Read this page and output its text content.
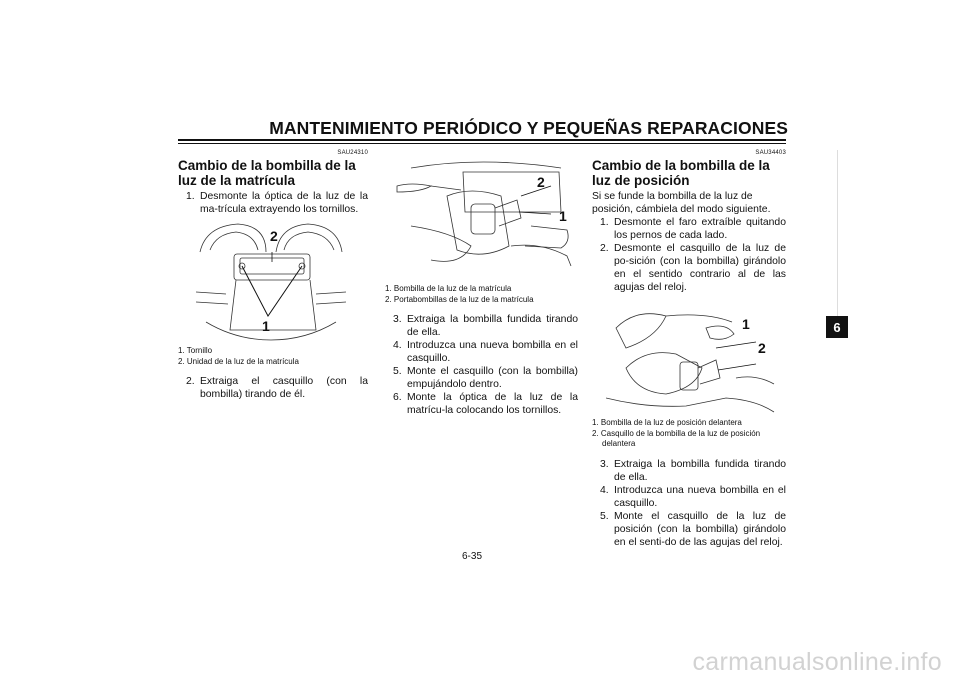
MANTENIMIENTO PERIÓDICO Y PEQUEÑAS REPARACIONES
SAU24310
Cambio de la bombilla de la luz de la matrícula
1. Desmonte la óptica de la luz de la ma-trícula extrayendo los tornillos.
2
1
1. Tornillo
2. Unidad de la luz de la matrícula
2. Extraiga el casquillo (con la bombilla) tirando de él.
2
1
1. Bombilla de la luz de la matrícula
2. Portabombillas de la luz de la matrícula
3. Extraiga la bombilla fundida tirando de ella.
4. Introduzca una nueva bombilla en el casquillo.
5. Monte el casquillo (con la bombilla) empujándolo dentro.
6. Monte la óptica de la luz de la matrícu-la colocando los tornillos.
SAU34403
Cambio de la bombilla de la luz de posición
Si se funde la bombilla de la luz de posición, cámbiela del modo siguiente.
1. Desmonte el faro extraíble quitando los pernos de cada lado.
2. Desmonte el casquillo de la luz de po-sición (con la bombilla) girándolo en el sentido contrario al de las agujas del reloj.
1
2
1. Bombilla de la luz de posición delantera
2. Casquillo de la bombilla de la luz de posición delantera
3. Extraiga la bombilla fundida tirando de ella.
4. Introduzca una nueva bombilla en el casquillo.
5. Monte el casquillo de la luz de posición (con la bombilla) girándolo en el senti-do de las agujas del reloj.
6
6-35
carmanualsonline.info
